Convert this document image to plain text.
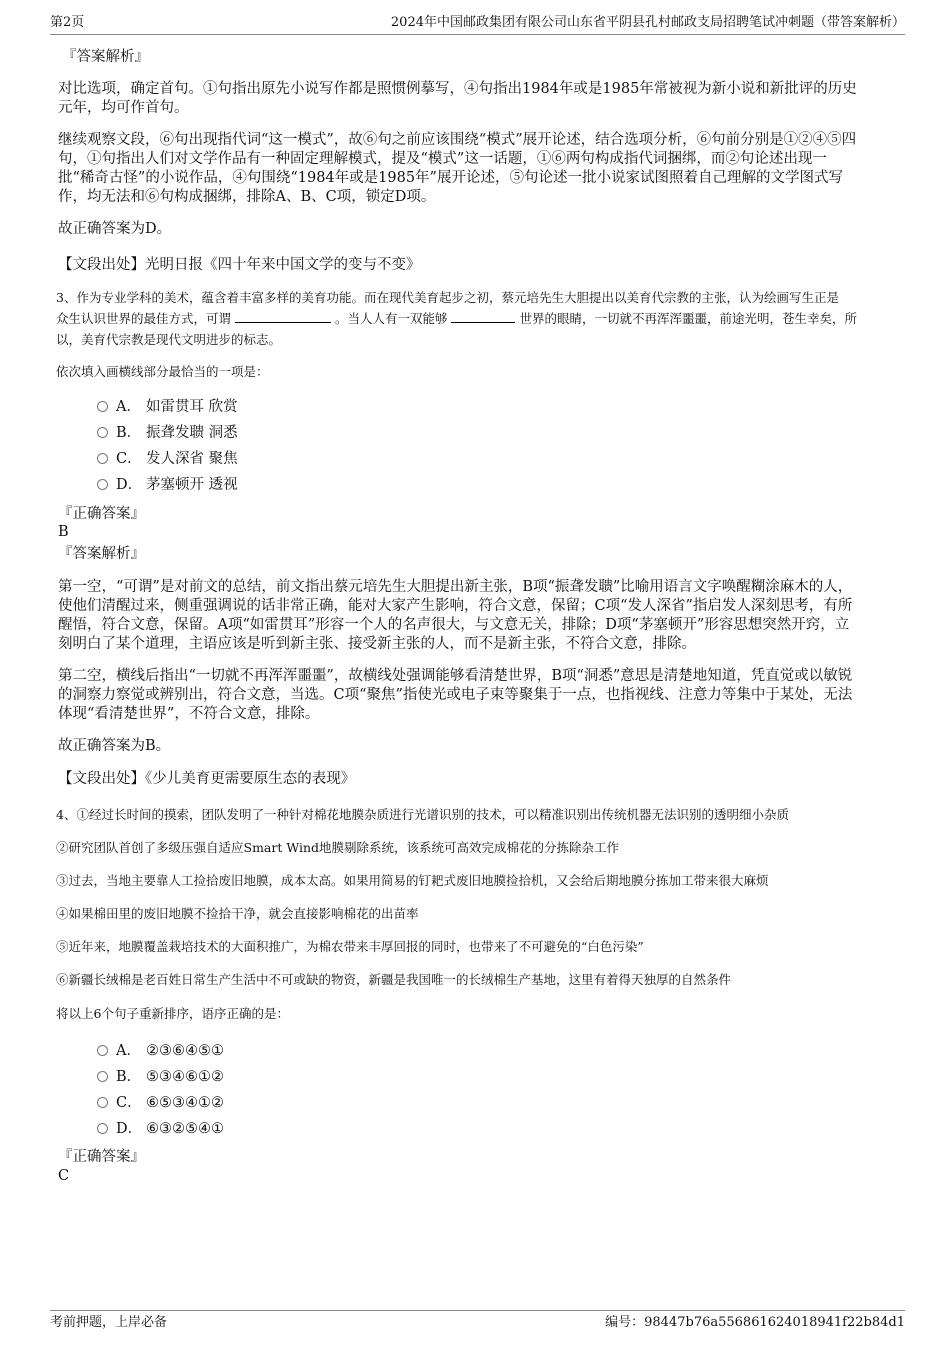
第2页	2024年中国邮政集团有限公司山东省平阴县孔村邮政支局招聘笔试冲刺题（带答案解析）
『答案解析』
对比选项，确定首句。①句指出原先小说写作都是照惯例摹写，④句指出1984年或是1985年常被视为新小说和新批评的历史
元年，均可作首句。
继续观察文段，⑥句出现指代词“这一模式”，故⑥句之前应该围绕“模式”展开论述，结合选项分析，⑥句前分别是①②④⑤四
句，①句指出人们对文学作品有一种固定理解模式，提及“模式”这一话题，①⑥两句构成指代词捆绑，而②句论述出现一
批“稀奇古怪”的小说作品，④句围绕“1984年或是1985年”展开论述，⑤句论述一批小说家试图照着自己理解的文学图式写
作，均无法和⑥句构成捆绑，排除A、B、C项，锁定D项。
故正确答案为D。
【文段出处】光明日报《四十年来中国文学的变与不变》
3、作为专业学科的美术，蕴含着丰富多样的美育功能。而在现代美育起步之初，蔡元培先生大胆提出以美育代宗教的主张，认为绘画写生正是
众生认识世界的最佳方式，可谓	。当人人有一双能够	世界的眼睛，一切就不再浑浑噩噩，前途光明，苍生幸矣，所
以，美育代宗教是现代文明进步的标志。
依次填入画横线部分最恰当的一项是：
A． 如雷贯耳 欣赏
B． 振聋发聩 洞悉
C． 发人深省 聚焦
D． 茅塞顿开 透视
『正确答案』
B
『答案解析』
第一空，“可谓”是对前文的总结，前文指出蔡元培先生大胆提出新主张，B项“振聋发聩”比喻用语言文字唤醒糊涂麻木的人，
使他们清醒过来，侧重强调说的话非常正确，能对大家产生影响，符合文意，保留；C项“发人深省”指启发人深刻思考，有所
醒悟，符合文意，保留。A项“如雷贯耳”形容一个人的名声很大，与文意无关，排除；D项“茅塞顿开”形容思想突然开窍，立
刻明白了某个道理，主语应该是听到新主张、接受新主张的人，而不是新主张，不符合文意，排除。
第二空，横线后指出“一切就不再浑浑噩噩”，故横线处强调能够看清楚世界，B项“洞悉”意思是清楚地知道，凭直觉或以敏锐
的洞察力察觉或辨别出，符合文意，当选。C项“聚焦”指使光或电子束等聚集于一点，也指视线、注意力等集中于某处，无法
体现“看清楚世界”，不符合文意，排除。
故正确答案为B。
【文段出处】《少儿美育更需要原生态的表现》
4、①经过长时间的摸索，团队发明了一种针对棉花地膜杂质进行光谱识别的技术，可以精准识别出传统机器无法识别的透明细小杂质
②研究团队首创了多级压强自适应Smart Wind地膜剔除系统，该系统可高效完成棉花的分拣除杂工作
③过去，当地主要靠人工捡拾废旧地膜，成本太高。如果用简易的钉耙式废旧地膜捡拾机，又会给后期地膜分拣加工带来很大麻烦
④如果棉田里的废旧地膜不捡拾干净，就会直接影响棉花的出苗率
⑤近年来，地膜覆盖栽培技术的大面积推广，为棉农带来丰厚回报的同时，也带来了不可避免的“白色污染”
⑥新疆长绒棉是老百姓日常生产生活中不可或缺的物资，新疆是我国唯一的长绒棉生产基地，这里有着得天独厚的自然条件
将以上6个句子重新排序，语序正确的是：
A． ②③⑥④⑤①
B． ⑤③④⑥①②
C． ⑥⑤③④①②
D． ⑥③②⑤④①
『正确答案』
C
考前押题，上岸必备	编号：98447b76a556861624018941f22b84d1
